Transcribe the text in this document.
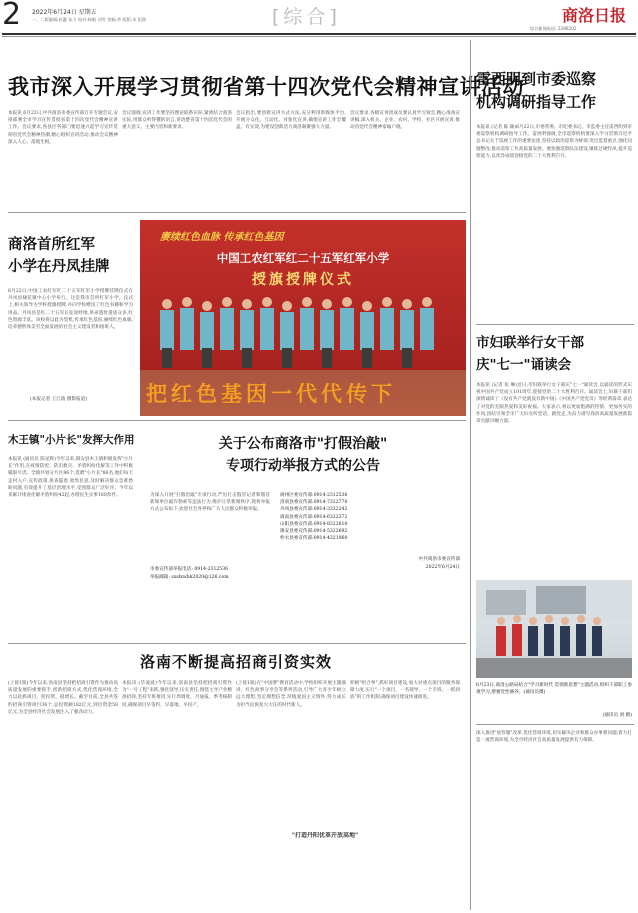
2 2022年6月24日 星期五
一、二版编辑:赵蕙 张力 校对:杨敏 刘雪 宽幅:李 组版:本 组版	[综合]	商洛日报
综合新闻电话: 2386202
我市深入开展学习贯彻省第十四次党代会精神宣讲活动
本报讯 6月22日,中共商洛市委宣传部召开专题会议,安排部署全市学习宣传贯彻省第十四次党代会精神宣讲工作。会议要求,各县区各部门要迅速兴起学习宣传贯彻省党代会精神热潮,精心组织宣讲活动,推动会议精神深入人心、落地生根。
会议强调,宣讲工作要坚持理论联系实际,紧密结合商洛实际,用群众听得懂的语言,讲清楚省第十四次党代会的重大意义、主要内容和新要求。
会议指出,要创新宣讲方式方法,充分利用新媒体平台,开展分众化、互动化、对象化宣讲,确保宣讲工作全覆盖、有实效,为建设创新活力商洛凝聚强大力量。
会议要求,各级宣讲团成员要认真学习领会,精心准备宣讲稿,深入机关、企业、农村、学校、社区开展宣讲,推动省党代会精神家喻户晓。
商洛首所红军
小学在丹凤挂牌
6月22日,中国工农红军红二十五军红军小学授牌挂牌仪式在丹凤县棣花镇中心小学举行。这是我市首所红军小学。仪式上,相关领导为学校授旗授牌,并向学校赠送了红色书籍和学习用品。丹凤县是红二十五军长征途经地,革命遗址遗迹众多,红色资源丰富。该校将以此为契机,传承红色基因,赓续红色血脉,培养德智体美劳全面发展的社会主义建设者和接班人。
(本报记者 王江波 摄影报道)
赓续红色血脉 传承红色基因
中国工农红军红二十五军红军小学
授旗授牌仪式
把红色基因一代代传下
木王镇"小片长"发挥大作用
本报讯 (通讯员 陈星辉)今年以来,镇安县木王镇积极发挥"小片长"作用,在疫情防控、防汛救灾、矛盾纠纷化解等工作中积极履职尽责。全镇共划分片区86个,选聘"小片长"86名,他们每天走村入户,宣传政策,排查隐患,收集民意,及时解决群众急难愁盼问题,有效提升了基层治理水平,受到群众广泛好评。今年以来累计排查化解矛盾纠纷42起,办理民生实事160余件。
关于公布商洛市"打假治敲"
专项行动举报方式的公告
为深入开展"打假治敲"专项行动,严厉打击假冒记者和假冒新闻单位敲诈勒索等违法行为,维护正常新闻秩序,现将举报方式公布如下,欢迎社会各界和广大人民群众积极举报。
市委宣传部举报电话: 0914-2312536
举报邮箱: sxslxwbk2020@126.com
商州区委宣传部:0914-2312536
洛南县委宣传部:0914-7322770
丹凤县委宣传部:0914-3322242
商南县委宣传部:0914-6322372
山阳县委宣传部:0914-8322610
镇安县委宣传部:0914-5322692
柞水县委宣传部:0914-4321960
中共商洛市委宣传部
2022年6月24日
洛南不断提高招商引资实效
(上接1版)今年以来,洛南县坚持把招商引资作为推动高质量发展的重要抓手,创新招商方式,优化营商环境,全力以赴抓项目、促投资、稳增长。截至目前,全县共签约招商引资项目36个,总投资额182亿元,到位资金58亿元,为全县经济社会发展注入了强劲动力。
本报讯 (毕凌波)今年以来,洛南县坚持把招商引资作为"一号工程"来抓,强化领导,压实责任,围绕主导产业精准招商,坚持专班推进,实行周调度、月通报、季考核制度,确保项目早签约、早落地、早投产。
(上接1版)在"中国梦"教育活动中,学校组织开展主题演讲、红色故事分享会等系列活动,引导广大青少年树立远大理想,坚定理想信念,厚植爱国主义情怀,努力成长为担当民族复兴大任的时代新人。
"打造丹阳优革开放高地"
积极"组合拳",抓好项目建设,加大对重点项目的服务保障力度,实行"一个项目、一名领导、一个专班、一抓到底"的工作机制,确保项目建设快速推进。
雷西明到市委巡察
机构调研指导工作
本报讯 (记者 陈 颖)6月22日,市委常委、市纪委书记、市监委主任雷西明到市委巡察机构调研指导工作。雷西明强调,全市巡察机构要深入学习贯彻习近平总书记关于巡视工作的重要论述,坚持以政治巡察为统领,突出监督重点,强化问题整改,推动巡察工作高质量发展。要加强巡察队伍建设,锤炼过硬作风,提升巡察能力,以优异成绩迎接党的二十大胜利召开。
市妇联举行女干部
庆"七一"诵读会
本报讯 (记者 张 琳)近日,市妇联举行女干部庆"七一"诵读会,以诵读的形式庆祝中国共产党成立101周年,迎接党的二十大胜利召开。诵读会上,妇联干部们深情诵读了《没有共产党就没有新中国》《中国共产党党员》等经典篇章,表达了对党的无限热爱和美好祝福。大家表示,将以更加饱满的热情、更加务实的作风,团结引领全市广大妇女听党话、跟党走,为奋力谱写商洛高质量发展新篇章贡献巾帼力量。
6月23日,商洛公路局结合"学习新时代 贯彻新思想"主题活动,组织干部职工参观学习,增强党性修养。(通讯员摄)
(通讯员 刘 摄)
深入推进"放管服"改革,优化营商环境,切实解决企业和群众办事难问题,着力打造一流营商环境,为全市经济社会高质量发展提供有力保障。
